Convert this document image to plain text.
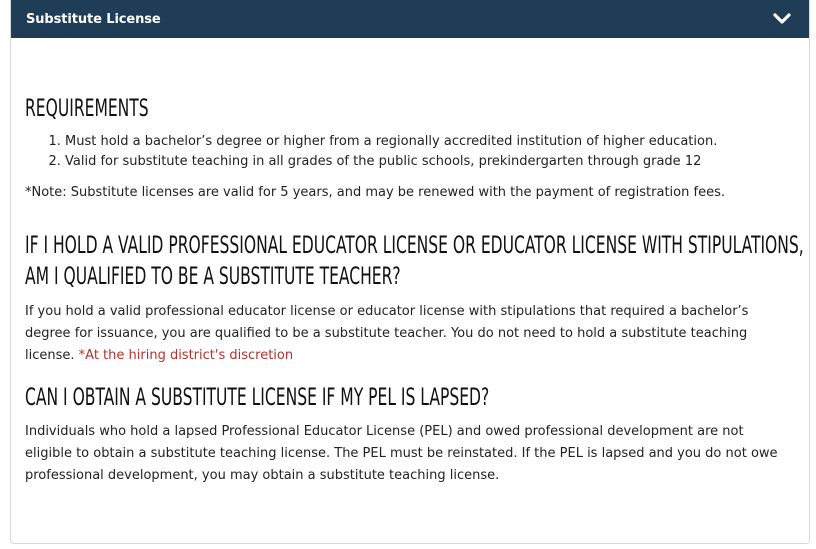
Substitute License
REQUIREMENTS
1. Must hold a bachelor’s degree or higher from a regionally accredited institution of higher education.
2. Valid for substitute teaching in all grades of the public schools, prekindergarten through grade 12

*Note: Substitute licenses are valid for 5 years, and may be renewed with the payment of registration fees.

IF I HOLD A VALID PROFESSIONAL EDUCATOR LICENSE OR EDUCATOR LICENSE WITH STIPULATIONS,
AM I QUALIFIED TO BE A SUBSTITUTE TEACHER?

If you hold a valid professional educator license or educator license with stipulations that required a bachelor’s degree for issuance, you are qualified to be a substitute teacher. You do not need to hold a substitute teaching license. *At the hiring district's discretion

CAN I OBTAIN A SUBSTITUTE LICENSE IF MY PEL IS LAPSED?

Individuals who hold a lapsed Professional Educator License (PEL) and owed professional development are not eligible to obtain a substitute teaching license. The PEL must be reinstated. If the PEL is lapsed and you do not owe professional development, you may obtain a substitute teaching license.
